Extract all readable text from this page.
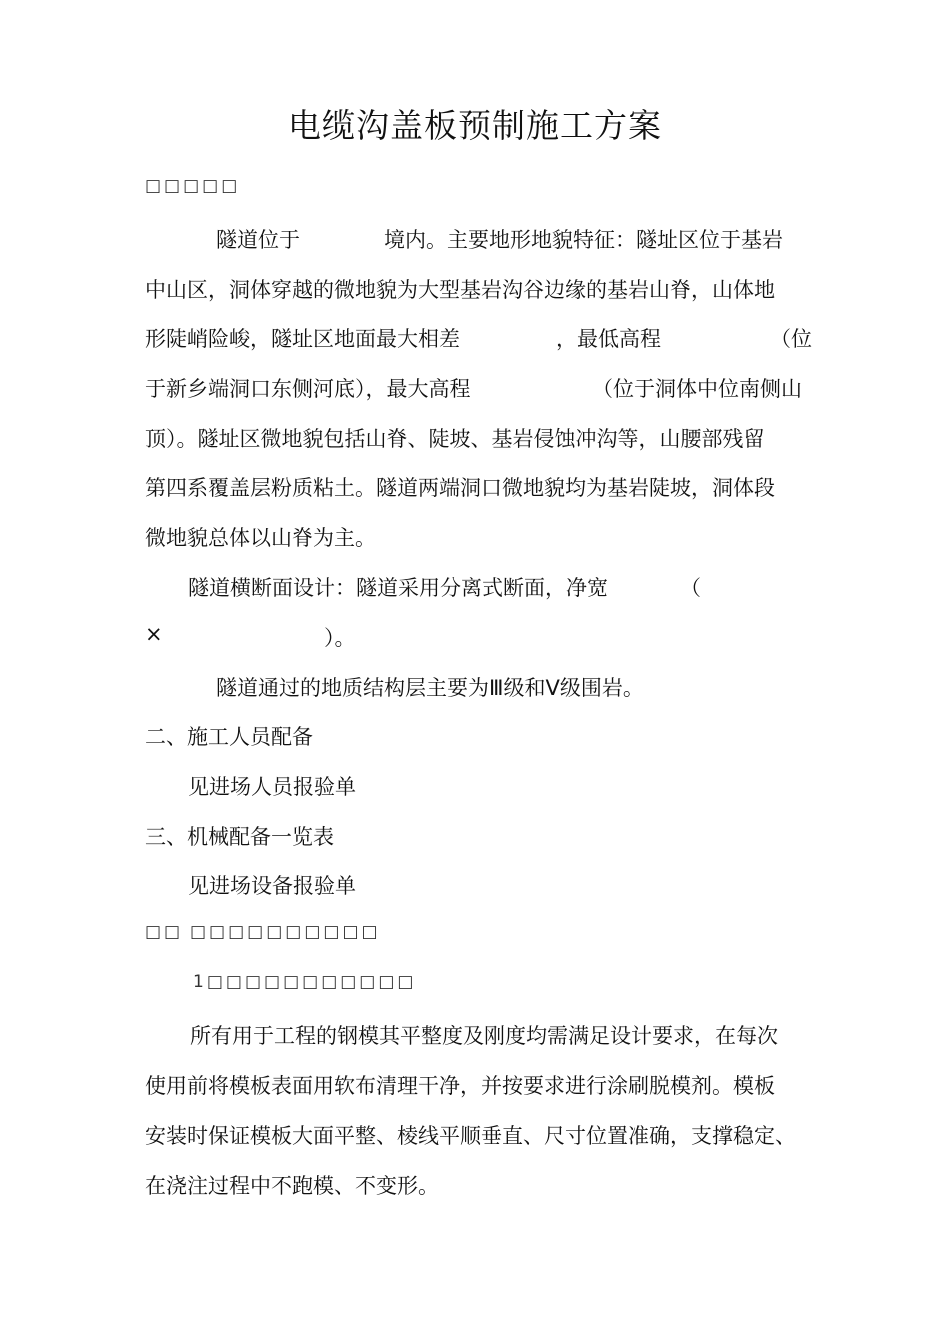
电缆沟盖板预制施工方案
□□□□□
隧道位于	境内。主要地形地貌特征：隧址区位于基岩
中山区，洞体穿越的微地貌为大型基岩沟谷边缘的基岩山脊，山体地
形陡峭险峻，隧址区地面最大相差	，最低高程	（位
于新乡端洞口东侧河底），最大高程	（位于洞体中位南侧山
顶）。隧址区微地貌包括山脊、陡坡、基岩侵蚀冲沟等，山腰部残留
第四系覆盖层粉质粘土。隧道两端洞口微地貌均为基岩陡坡，洞体段
微地貌总体以山脊为主。
隧道横断面设计：隧道采用分离式断面，净宽	（
×	）。
隧道通过的地质结构层主要为Ⅲ级和Ⅴ级围岩。
二、施工人员配备
见进场人员报验单
三、机械配备一览表
见进场设备报验单
□□ □□□□□□□□□□
1□□□□□□□□□□□
所有用于工程的钢模其平整度及刚度均需满足设计要求，在每次
使用前将模板表面用软布清理干净，并按要求进行涂刷脱模剂。模板
安装时保证模板大面平整、棱线平顺垂直、尺寸位置准确，支撑稳定、
在浇注过程中不跑模、不变形。
